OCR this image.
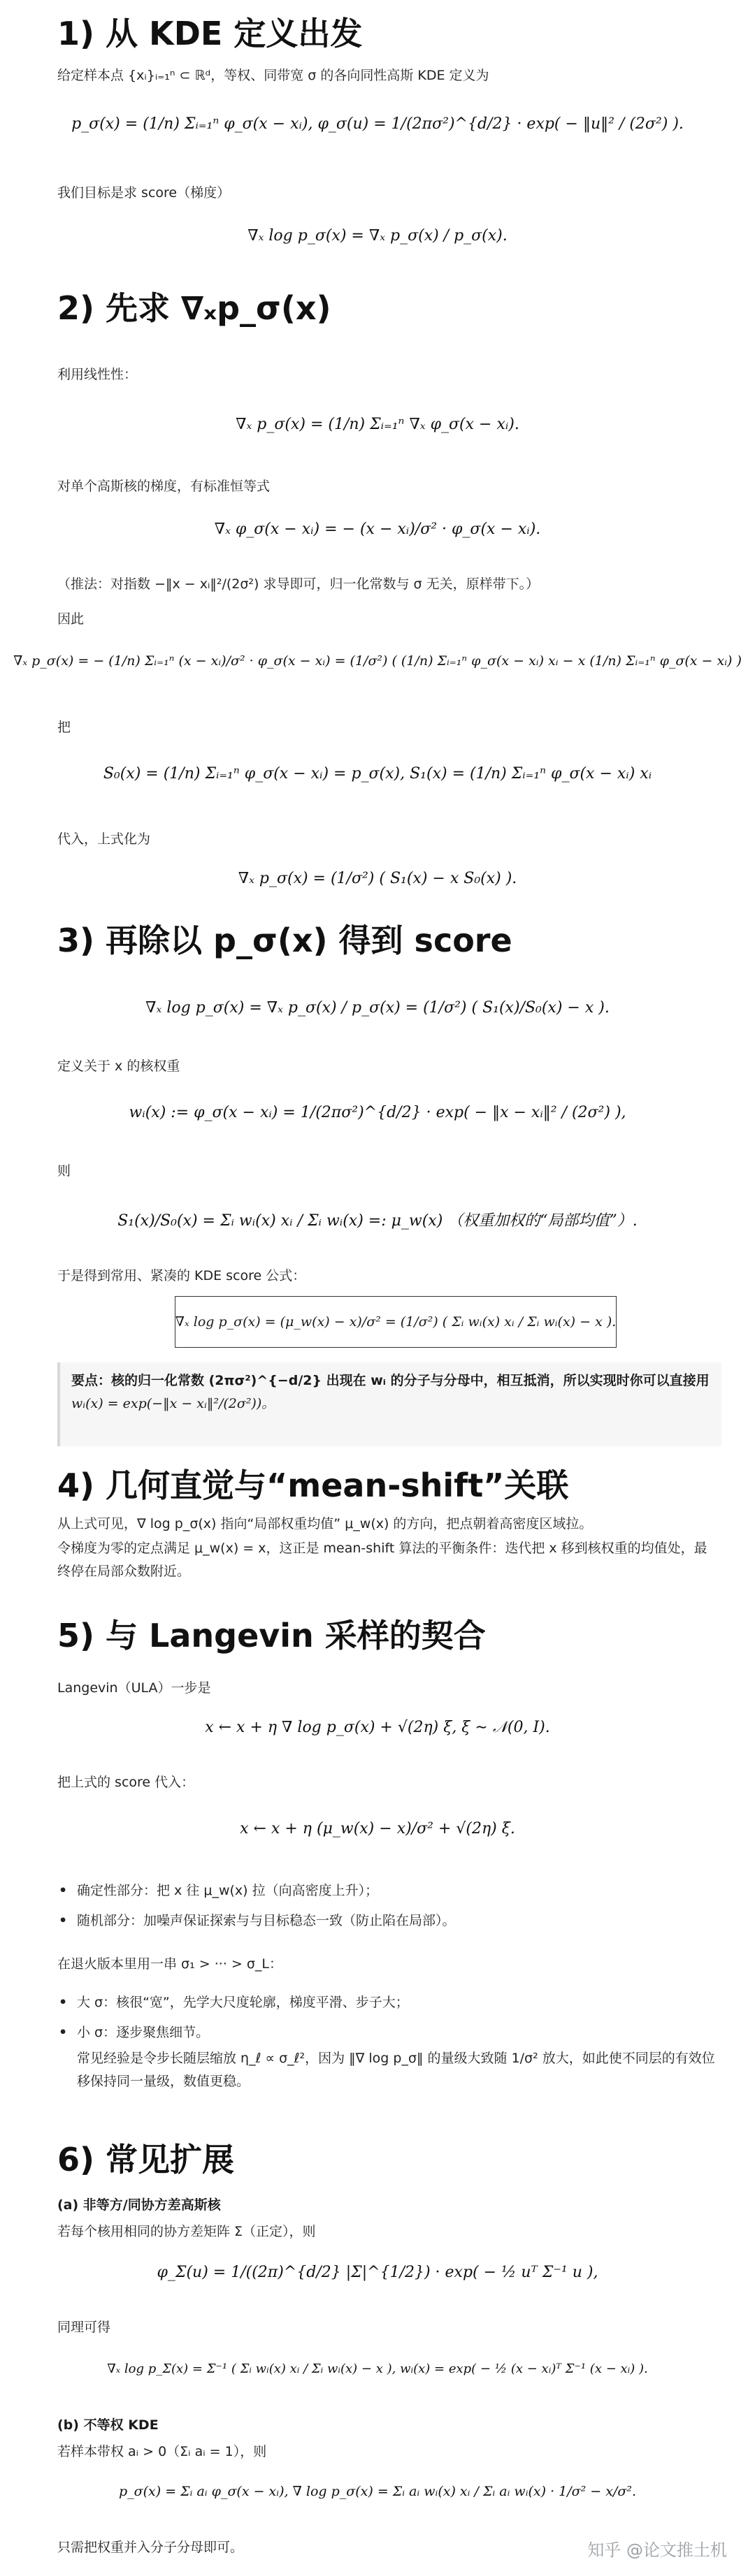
1) 从 KDE 定义出发

给定样本点 {xᵢ}ᵢ₌₁ⁿ ⊂ ℝᵈ，等权、同带宽 σ 的各向同性高斯 KDE 定义为

p_σ(x) = (1/n) Σᵢ₌₁ⁿ φ_σ(x − xᵢ), φ_σ(u) = 1/(2πσ²)^{d/2} · exp( − ‖u‖² / (2σ²) ).

我们目标是求 score（梯度）

∇ₓ log p_σ(x) = ∇ₓ p_σ(x) / p_σ(x).
2) 先求 ∇ₓp_σ(x)

利用线性性：

∇ₓ p_σ(x) = (1/n) Σᵢ₌₁ⁿ ∇ₓ φ_σ(x − xᵢ).

对单个高斯核的梯度，有标准恒等式

∇ₓ φ_σ(x − xᵢ) = − (x − xᵢ)/σ² · φ_σ(x − xᵢ).

（推法：对指数 −‖x − xᵢ‖²/(2σ²) 求导即可，归一化常数与 σ 无关，原样带下。）

因此

∇ₓ p_σ(x) = − (1/n) Σᵢ₌₁ⁿ (x − xᵢ)/σ² · φ_σ(x − xᵢ) = (1/σ²) ( (1/n) Σᵢ₌₁ⁿ φ_σ(x − xᵢ) xᵢ − x (1/n) Σᵢ₌₁ⁿ φ_σ(x − xᵢ) )

把

S₀(x) = (1/n) Σᵢ₌₁ⁿ φ_σ(x − xᵢ) = p_σ(x), S₁(x) = (1/n) Σᵢ₌₁ⁿ φ_σ(x − xᵢ) xᵢ

代入，上式化为

∇ₓ p_σ(x) = (1/σ²) ( S₁(x) − x S₀(x) ).
3) 再除以 p_σ(x) 得到 score
∇ₓ log p_σ(x) = ∇ₓ p_σ(x) / p_σ(x) = (1/σ²) ( S₁(x)/S₀(x) − x ).

定义关于 x 的核权重

wᵢ(x) := φ_σ(x − xᵢ) = 1/(2πσ²)^{d/2} · exp( − ‖x − xᵢ‖² / (2σ²) ),

则

S₁(x)/S₀(x) = Σᵢ wᵢ(x) xᵢ / Σᵢ wᵢ(x) =: μ_w(x) （权重加权的“局部均值”）.

于是得到常用、紧凑的 KDE score 公式：

∇ₓ log p_σ(x) = (μ_w(x) − x)/σ² = (1/σ²) ( Σᵢ wᵢ(x) xᵢ / Σᵢ wᵢ(x) − x ).
要点：核的归一化常数 (2πσ²)^{−d/2} 出现在 wᵢ 的分子与分母中，相互抵消，所以实现时你可以直接用
wᵢ(x) = exp(−‖x − xᵢ‖²/(2σ²))。
4) 几何直觉与“mean-shift”关联

从上式可见，∇ log p_σ(x) 指向“局部权重均值” μ_w(x) 的方向，把点朝着高密度区域拉。

令梯度为零的定点满足 μ_w(x) = x，这正是 mean-shift 算法的平衡条件：迭代把 x 移到核权重的均值处，最终停在局部众数附近。

5) 与 Langevin 采样的契合

Langevin（ULA）一步是

x ← x + η ∇ log p_σ(x) + √(2η) ξ, ξ ∼ 𝒩(0, I).

把上式的 score 代入：

x ← x + η (μ_w(x) − x)/σ² + √(2η) ξ.
• 确定性部分：把 x 往 μ_w(x) 拉（向高密度上升）；
• 随机部分：加噪声保证探索与与目标稳态一致（防止陷在局部）。

在退火版本里用一串 σ₁ > ··· > σ_L：

• 大 σ：核很“宽”，先学大尺度轮廓，梯度平滑、步子大；
• 小 σ：逐步聚焦细节。

常见经验是令步长随层缩放 η_ℓ ∝ σ_ℓ²，因为 ‖∇ log p_σ‖ 的量级大致随 1/σ² 放大，如此使不同层的有效位移保持同一量级，数值更稳。

6) 常见扩展
(a) 非等方/同协方差高斯核

若每个核用相同的协方差矩阵 Σ（正定），则

φ_Σ(u) = 1/((2π)^{d/2} |Σ|^{1/2}) · exp( − ½ uᵀ Σ⁻¹ u ),

同理可得

∇ₓ log p_Σ(x) = Σ⁻¹ ( Σᵢ wᵢ(x) xᵢ / Σᵢ wᵢ(x) − x ), wᵢ(x) = exp( − ½ (x − xᵢ)ᵀ Σ⁻¹ (x − xᵢ) ).
(b) 不等权 KDE

若样本带权 aᵢ > 0（Σᵢ aᵢ = 1），则

p_σ(x) = Σᵢ aᵢ φ_σ(x − xᵢ), ∇ log p_σ(x) = Σᵢ aᵢ wᵢ(x) xᵢ / Σᵢ aᵢ wᵢ(x) · 1/σ² − x/σ².

只需把权重并入分子分母即可。	知乎 @论文推土机
